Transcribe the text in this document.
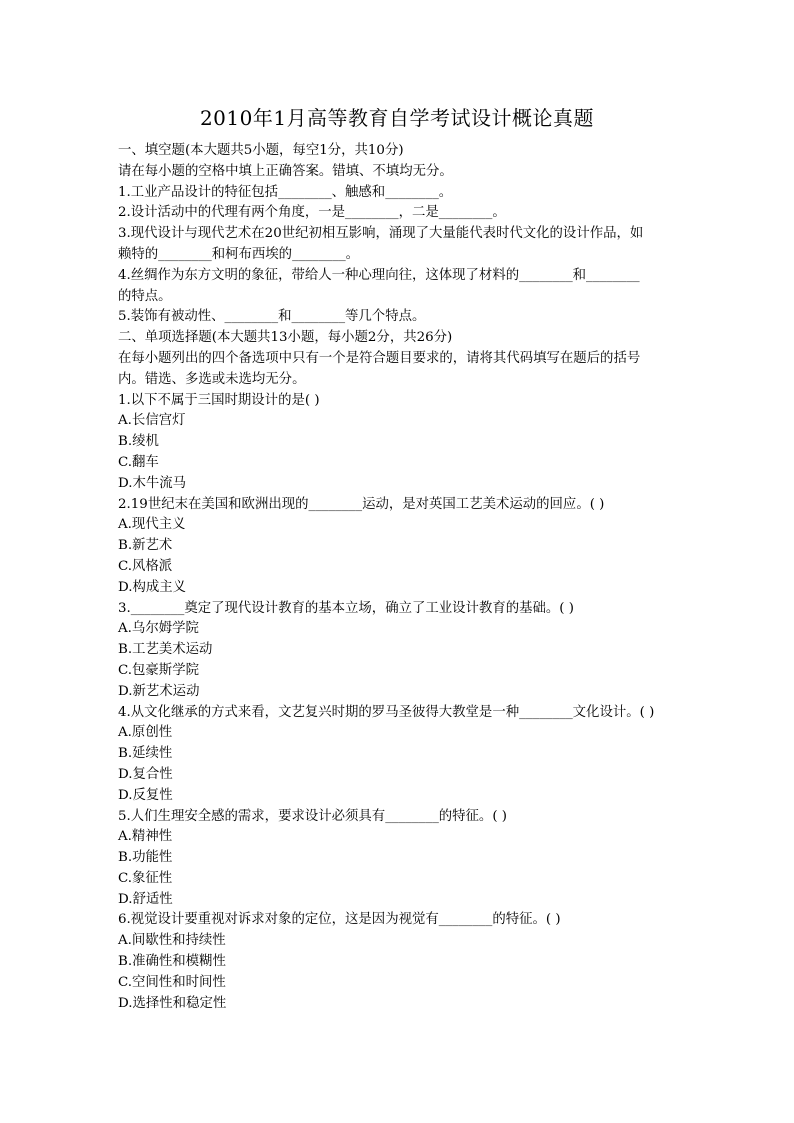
2010年1月高等教育自学考试设计概论真题
一、填空题(本大题共5小题，每空1分，共10分)
请在每小题的空格中填上正确答案。错填、不填均无分。
1.工业产品设计的特征包括________、触感和________。
2.设计活动中的代理有两个角度，一是________，二是________。
3.现代设计与现代艺术在20世纪初相互影响，涌现了大量能代表时代文化的设计作品，如
赖特的________和柯布西埃的________。
4.丝绸作为东方文明的象征，带给人一种心理向往，这体现了材料的________和________
的特点。
5.装饰有被动性、________和________等几个特点。
二、单项选择题(本大题共13小题，每小题2分，共26分)
在每小题列出的四个备选项中只有一个是符合题目要求的，请将其代码填写在题后的括号
内。错选、多选或未选均无分。
1.以下不属于三国时期设计的是( )
A.长信宫灯
B.绫机
C.翻车
D.木牛流马
2.19世纪末在美国和欧洲出现的________运动，是对英国工艺美术运动的回应。( )
A.现代主义
B.新艺术
C.风格派
D.构成主义
3.________奠定了现代设计教育的基本立场，确立了工业设计教育的基础。( )
A.乌尔姆学院
B.工艺美术运动
C.包豪斯学院
D.新艺术运动
4.从文化继承的方式来看，文艺复兴时期的罗马圣彼得大教堂是一种________文化设计。( )
A.原创性
B.延续性
D.复合性
D.反复性
5.人们生理安全感的需求，要求设计必须具有________的特征。( )
A.精神性
B.功能性
C.象征性
D.舒适性
6.视觉设计要重视对诉求对象的定位，这是因为视觉有________的特征。( )
A.间歇性和持续性
B.准确性和模糊性
C.空间性和时间性
D.选择性和稳定性
